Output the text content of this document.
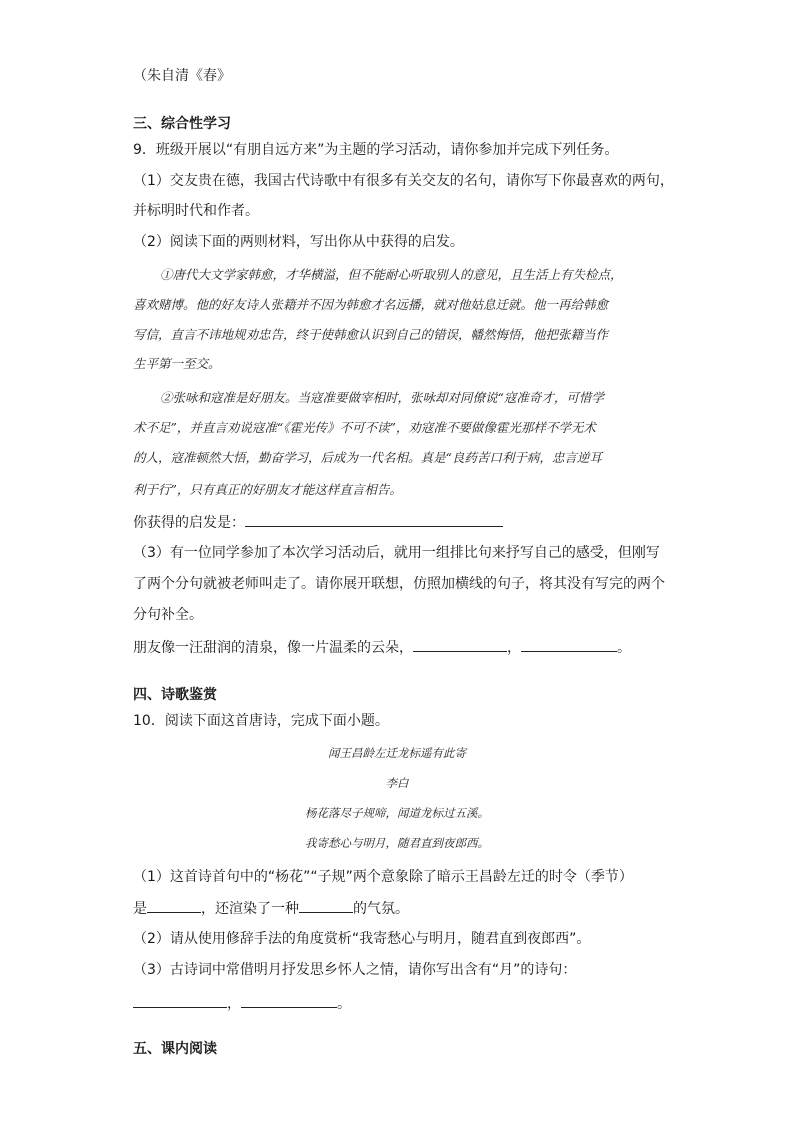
（朱自清《春》
三、综合性学习
9．班级开展以“有朋自远方来”为主题的学习活动，请你参加并完成下列任务。
（1）交友贵在德，我国古代诗歌中有很多有关交友的名句，请你写下你最喜欢的两句，
并标明时代和作者。
（2）阅读下面的两则材料，写出你从中获得的启发。
①唐代大文学家韩愈，才华横溢，但不能耐心听取别人的意见，且生活上有失检点，
喜欢赌博。他的好友诗人张籍并不因为韩愈才名远播，就对他姑息迁就。他一再给韩愈
写信，直言不讳地规劝忠告，终于使韩愈认识到自己的错误，幡然悔悟，他把张籍当作
生平第一至交。
②张咏和寇准是好朋友。当寇准要做宰相时，张咏却对同僚说“寇准奇才，可惜学
术不足”，并直言劝说寇准“《霍光传》不可不读”，劝寇准不要做像霍光那样不学无术
的人，寇准顿然大悟，勤奋学习，后成为一代名相。真是“良药苦口利于病，忠言逆耳
利于行”，只有真正的好朋友才能这样直言相告。
你获得的启发是：
（3）有一位同学参加了本次学习活动后，就用一组排比句来抒写自己的感受，但刚写
了两个分句就被老师叫走了。请你展开联想，仿照加横线的句子，将其没有写完的两个
分句补全。
朋友像一汪甜润的清泉，像一片温柔的云朵，	，	。
四、诗歌鉴赏
10．阅读下面这首唐诗，完成下面小题。
闻王昌龄左迁龙标遥有此寄
李白
杨花落尽子规啼，闻道龙标过五溪。
我寄愁心与明月，随君直到夜郎西。
（1）这首诗首句中的“杨花”“子规”两个意象除了暗示王昌龄左迁的时令（季节）
是	，还渲染了一种	的气氛。
（2）请从使用修辞手法的角度赏析“我寄愁心与明月，随君直到夜郎西”。
（3）古诗词中常借明月抒发思乡怀人之情，请你写出含有“月”的诗句：
，	。
五、课内阅读
